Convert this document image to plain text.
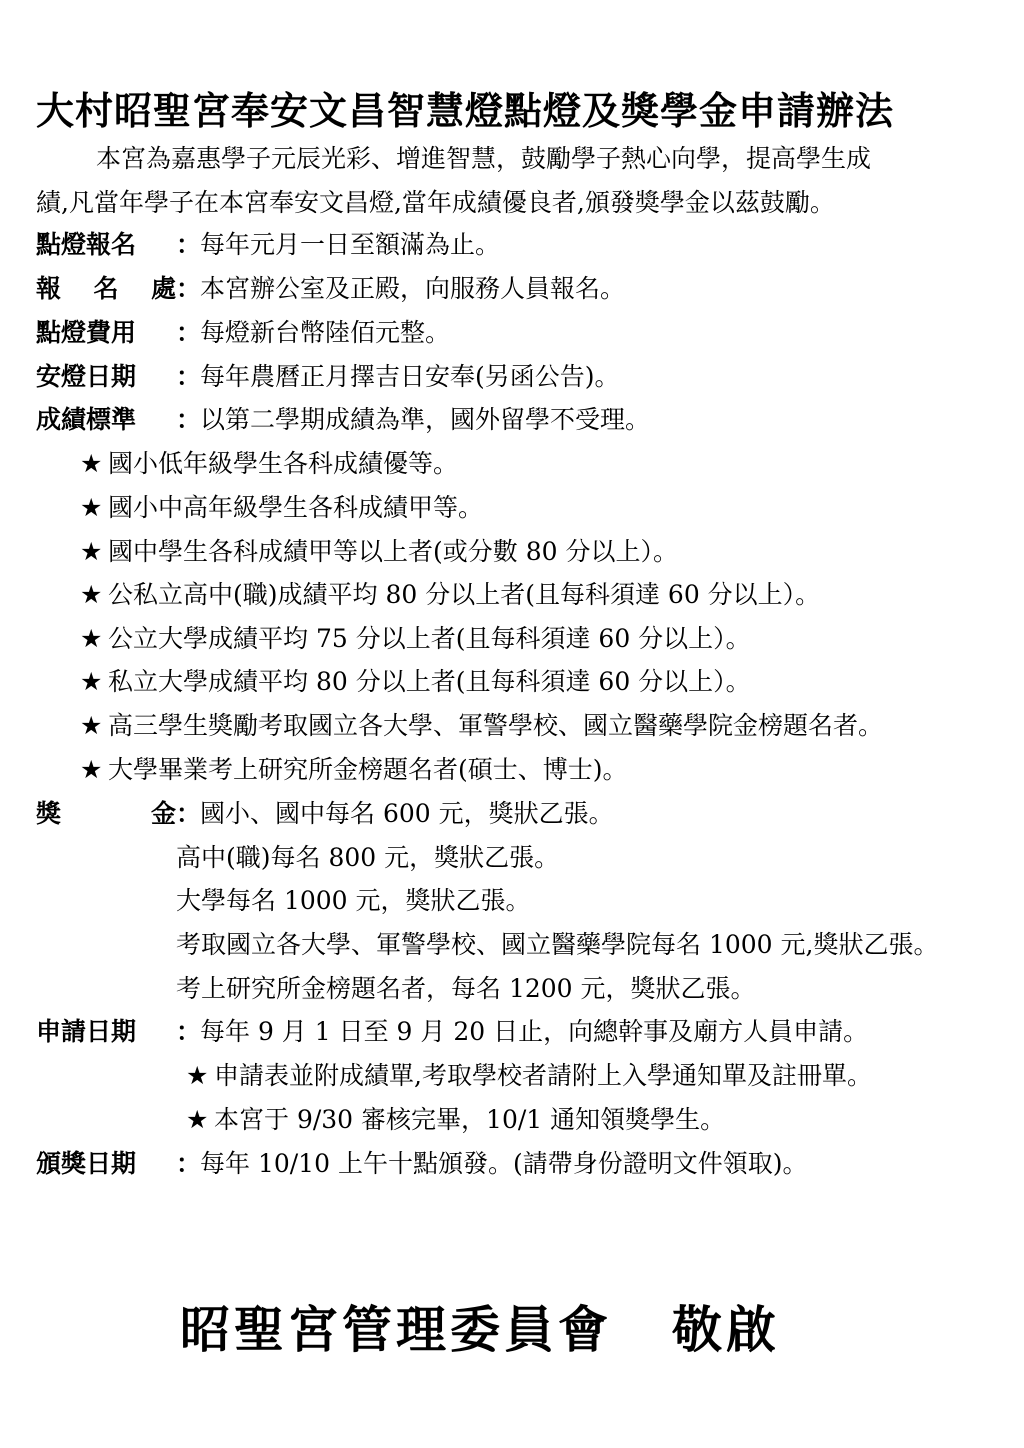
大村昭聖宮奉安文昌智慧燈點燈及獎學金申請辦法
本宮為嘉惠學子元辰光彩、增進智慧，鼓勵學子熱心向學，提高學生成
績,凡當年學子在本宮奉安文昌燈,當年成績優良者,頒發獎學金以茲鼓勵。
點燈報名 ：每年元月一日至額滿為止。
報 名 處 ：本宮辦公室及正殿，向服務人員報名。
點燈費用 ：每燈新台幣陸佰元整。
安燈日期 ：每年農曆正月擇吉日安奉(另函公告)。
成績標準 ：以第二學期成績為準，國外留學不受理。
★ 國小低年級學生各科成績優等。
★ 國小中高年級學生各科成績甲等。
★ 國中學生各科成績甲等以上者(或分數 80 分以上）。
★ 公私立高中(職)成績平均 80 分以上者(且每科須達 60 分以上）。
★ 公立大學成績平均 75 分以上者(且每科須達 60 分以上）。
★ 私立大學成績平均 80 分以上者(且每科須達 60 分以上）。
★ 高三學生獎勵考取國立各大學、軍警學校、國立醫藥學院金榜題名者。
★ 大學畢業考上研究所金榜題名者(碩士、博士)。
獎	金 ：國小、國中每名 600 元，獎狀乙張。
高中(職)每名 800 元，獎狀乙張。
大學每名 1000 元，獎狀乙張。
考取國立各大學、軍警學校、國立醫藥學院每名 1000 元,獎狀乙張。
考上研究所金榜題名者，每名 1200 元，獎狀乙張。
申請日期 ：每年 9 月 1 日至 9 月 20 日止，向總幹事及廟方人員申請。
★ 申請表並附成績單,考取學校者請附上入學通知單及註冊單。
★ 本宮于 9/30 審核完畢，10/1 通知領獎學生。
頒獎日期 ：每年 10/10 上午十點頒發。(請帶身份證明文件領取)。
昭聖宮管理委員會 敬啟
